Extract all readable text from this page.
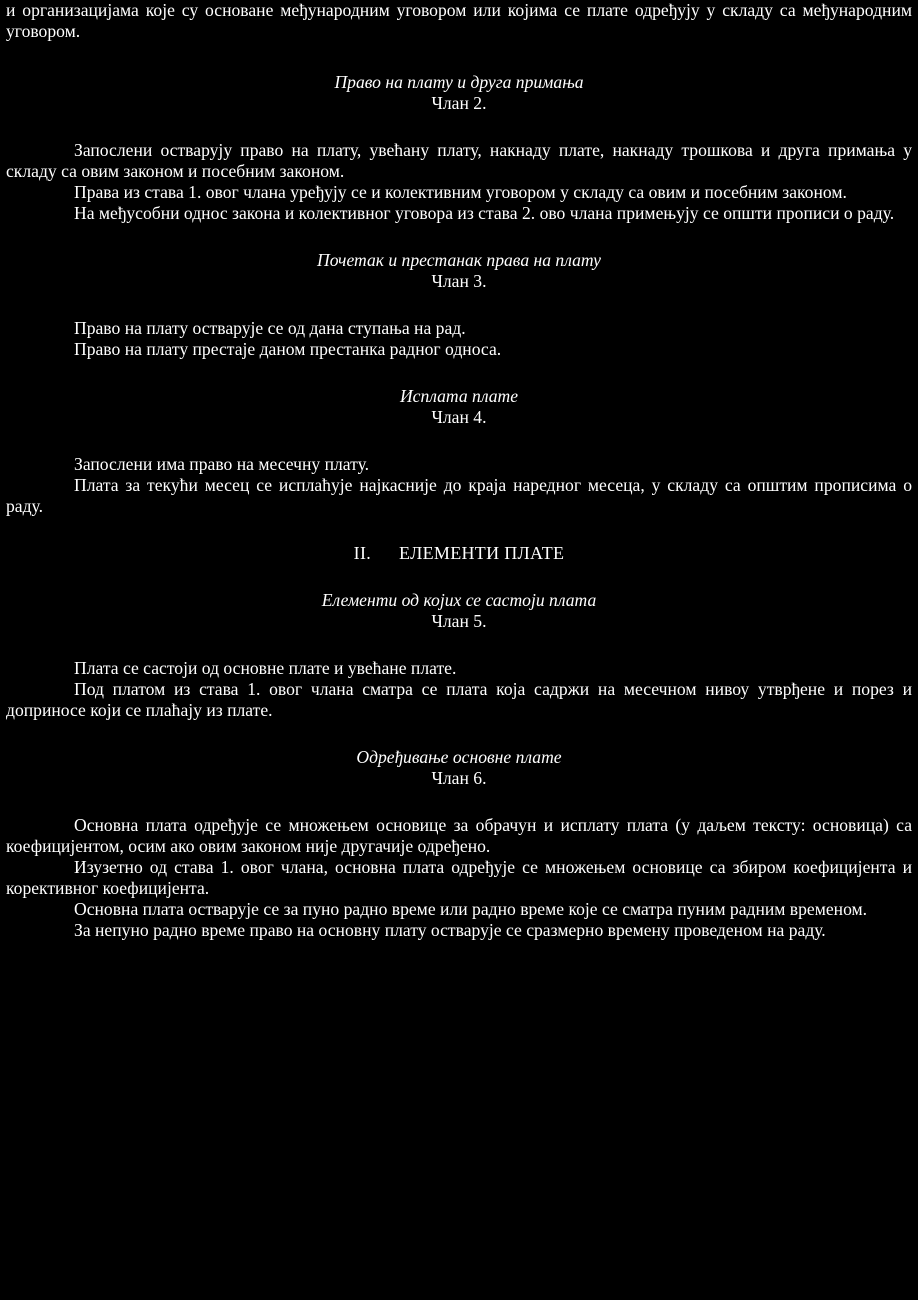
и организацијама које су основане међународним уговором или којима се плате одређују у складу са међународним уговором.

Право на плату и друга примања

Члан 2.

Запослени остварују право на плату, увећану плату, накнаду плате, накнаду трошкова и друга примања у складу са овим законом и посебним законом.

Права из става 1. овог члана уређују се и колективним уговором у складу са овим и посебним законом.

На међусобни однос закона и колективног уговора из става 2. ово члана примењују се општи прописи о раду.

Почетак и престанак права на плату

Члан 3.

Право на плату остварује се од дана ступања на рад.

Право на плату престаје даном престанка радног односа.

Исплата плате

Члан 4.

Запослени има право на месечну плату.

Плата за текући месец се исплаћује најкасније до краја наредног месеца, у складу са општим прописима о раду.

II. ЕЛЕМЕНТИ ПЛАТЕ

Елементи од којих се састоји плата

Члан 5.

Плата се састоји од основне плате и увећане плате.

Под платом из става 1. овог члана сматра се плата која садржи на месечном нивоу утврђене и порез и доприносе који се плаћају из плате.

Одређивање основне плате

Члан 6.

Основна плата одређује се множењем основице за обрачун и исплату плата (у даљем тексту: основица) са коефицијентом, осим ако овим законом није другачије одређено.

Изузетно од става 1. овог члана, основна плата одређује се множењем основице са збиром коефицијента и корективног коефицијента.

Основна плата остварује се за пуно радно време или радно време које се сматра пуним радним временом.

За непуно радно време право на основну плату остварује се сразмерно времену проведеном на раду.
